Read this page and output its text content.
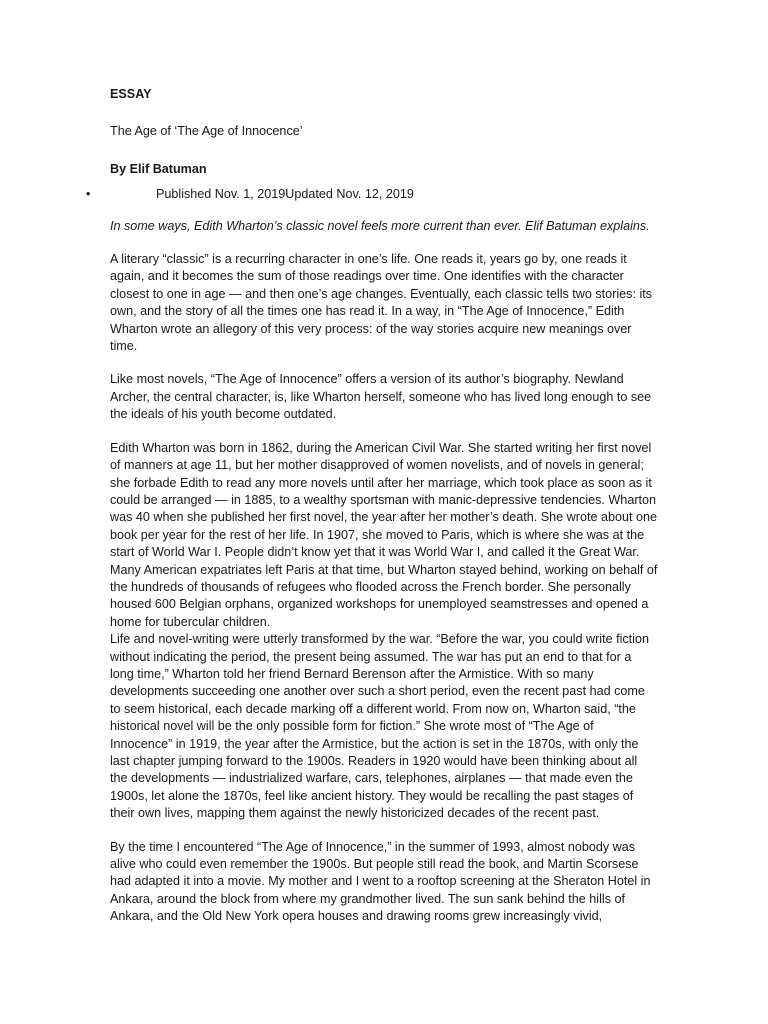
ESSAY
The Age of ‘The Age of Innocence’
By Elif Batuman
•	Published Nov. 1, 2019Updated Nov. 12, 2019
In some ways, Edith Wharton’s classic novel feels more current than ever. Elif Batuman explains.

A literary “classic” is a recurring character in one’s life. One reads it, years go by, one reads it again, and it becomes the sum of those readings over time. One identifies with the character closest to one in age — and then one’s age changes. Eventually, each classic tells two stories: its own, and the story of all the times one has read it. In a way, in “The Age of Innocence,” Edith Wharton wrote an allegory of this very process: of the way stories acquire new meanings over time.

Like most novels, “The Age of Innocence” offers a version of its author’s biography. Newland Archer, the central character, is, like Wharton herself, someone who has lived long enough to see the ideals of his youth become outdated.

Edith Wharton was born in 1862, during the American Civil War. She started writing her first novel of manners at age 11, but her mother disapproved of women novelists, and of novels in general; she forbade Edith to read any more novels until after her marriage, which took place as soon as it could be arranged — in 1885, to a wealthy sportsman with manic-depressive tendencies. Wharton was 40 when she published her first novel, the year after her mother’s death. She wrote about one book per year for the rest of her life. In 1907, she moved to Paris, which is where she was at the start of World War I. People didn’t know yet that it was World War I, and called it the Great War. Many American expatriates left Paris at that time, but Wharton stayed behind, working on behalf of the hundreds of thousands of refugees who flooded across the French border. She personally housed 600 Belgian orphans, organized workshops for unemployed seamstresses and opened a home for tubercular children.

Life and novel-writing were utterly transformed by the war. “Before the war, you could write fiction without indicating the period, the present being assumed. The war has put an end to that for a long time,” Wharton told her friend Bernard Berenson after the Armistice. With so many developments succeeding one another over such a short period, even the recent past had come to seem historical, each decade marking off a different world. From now on, Wharton said, “the historical novel will be the only possible form for fiction.” She wrote most of “The Age of Innocence” in 1919, the year after the Armistice, but the action is set in the 1870s, with only the last chapter jumping forward to the 1900s. Readers in 1920 would have been thinking about all the developments — industrialized warfare, cars, telephones, airplanes — that made even the 1900s, let alone the 1870s, feel like ancient history. They would be recalling the past stages of their own lives, mapping them against the newly historicized decades of the recent past.

By the time I encountered “The Age of Innocence,” in the summer of 1993, almost nobody was alive who could even remember the 1900s. But people still read the book, and Martin Scorsese had adapted it into a movie. My mother and I went to a rooftop screening at the Sheraton Hotel in Ankara, around the block from where my grandmother lived. The sun sank behind the hills of Ankara, and the Old New York opera houses and drawing rooms grew increasingly vivid,
